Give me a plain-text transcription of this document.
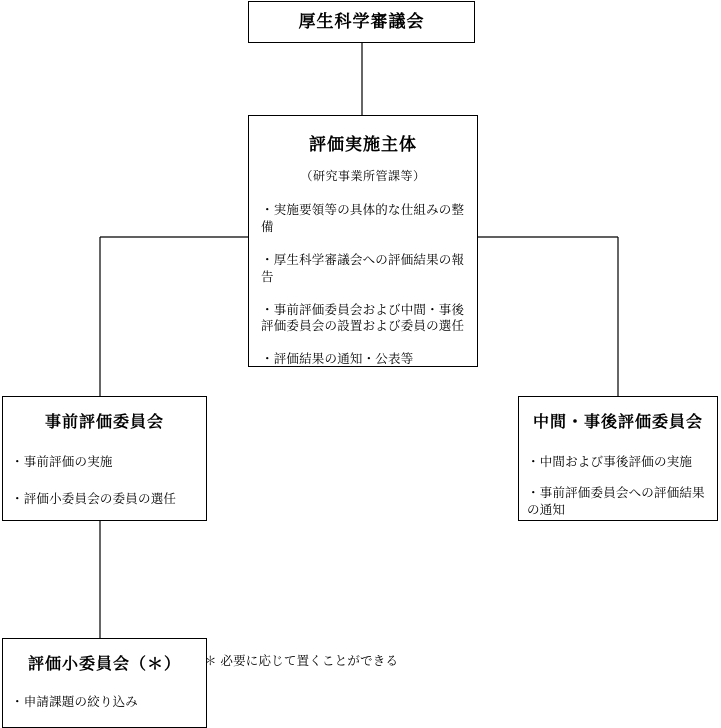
厚生科学審議会
評価実施主体
（研究事業所管課等）
・実施要領等の具体的な仕組みの整備
・厚生科学審議会への評価結果の報告
・事前評価委員会および中間・事後評価委員会の設置および委員の選任
・評価結果の通知・公表等
事前評価委員会
・事前評価の実施
・評価小委員会の委員の選任
中間・事後評価委員会
・中間および事後評価の実施
・事前評価委員会への評価結果の通知
評価小委員会（＊）
・申請課題の絞り込み
＊ 必要に応じて置くことができる
